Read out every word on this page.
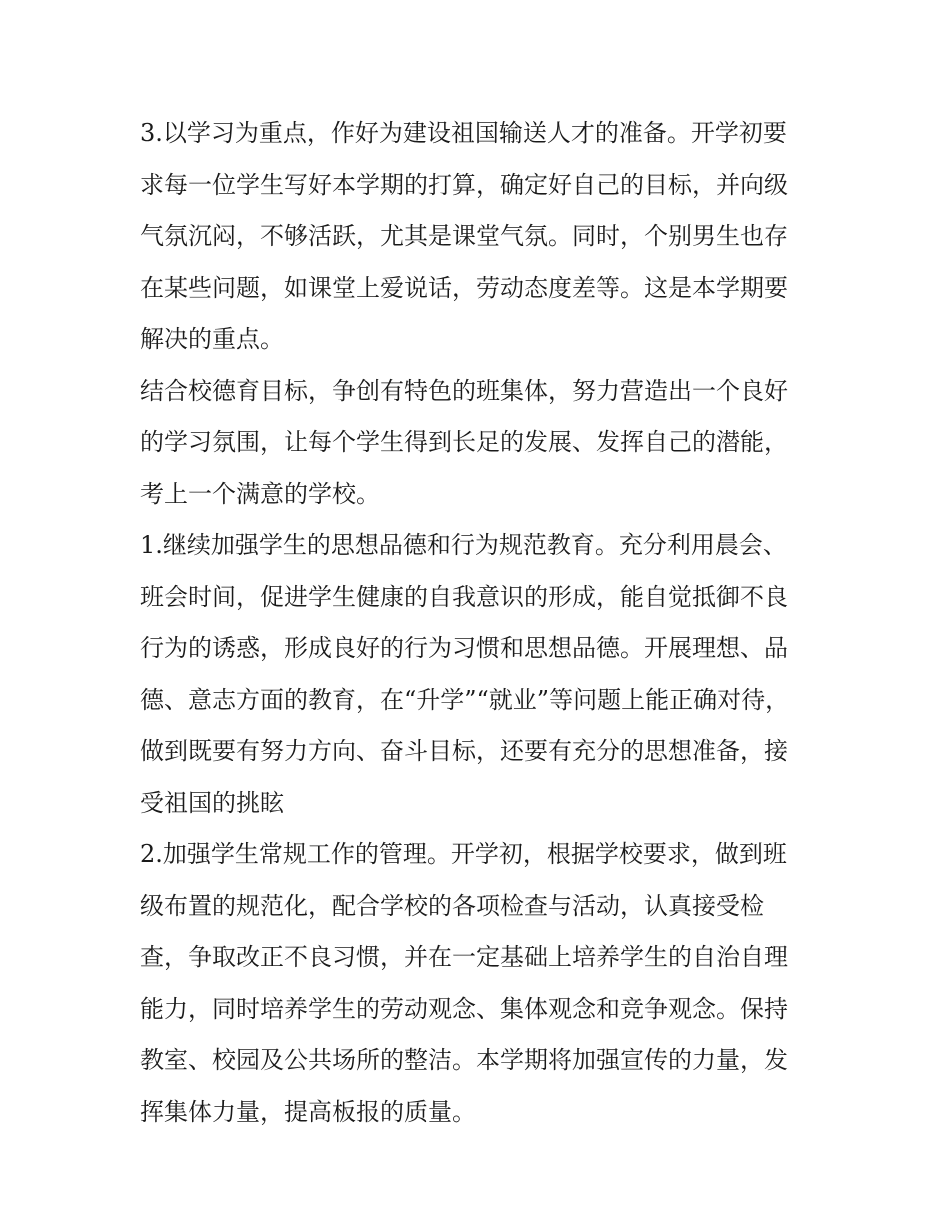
3.以学习为重点，作好为建设祖国输送人才的准备。开学初要

求每一位学生写好本学期的打算，确定好自己的目标，并向级

气氛沉闷，不够活跃，尤其是课堂气氛。同时，个别男生也存

在某些问题，如课堂上爱说话，劳动态度差等。这是本学期要

解决的重点。

结合校德育目标，争创有特色的班集体，努力营造出一个良好

的学习氛围，让每个学生得到长足的发展、发挥自己的潜能，

考上一个满意的学校。

1.继续加强学生的思想品德和行为规范教育。充分利用晨会、

班会时间，促进学生健康的自我意识的形成，能自觉抵御不良

行为的诱惑，形成良好的行为习惯和思想品德。开展理想、品

德、意志方面的教育，在“升学”“就业”等问题上能正确对待，

做到既要有努力方向、奋斗目标，还要有充分的思想准备，接

受祖国的挑眩

2.加强学生常规工作的管理。开学初，根据学校要求，做到班

级布置的规范化，配合学校的各项检查与活动，认真接受检

查，争取改正不良习惯，并在一定基础上培养学生的自治自理

能力，同时培养学生的劳动观念、集体观念和竞争观念。保持

教室、校园及公共场所的整洁。本学期将加强宣传的力量，发

挥集体力量，提高板报的质量。
